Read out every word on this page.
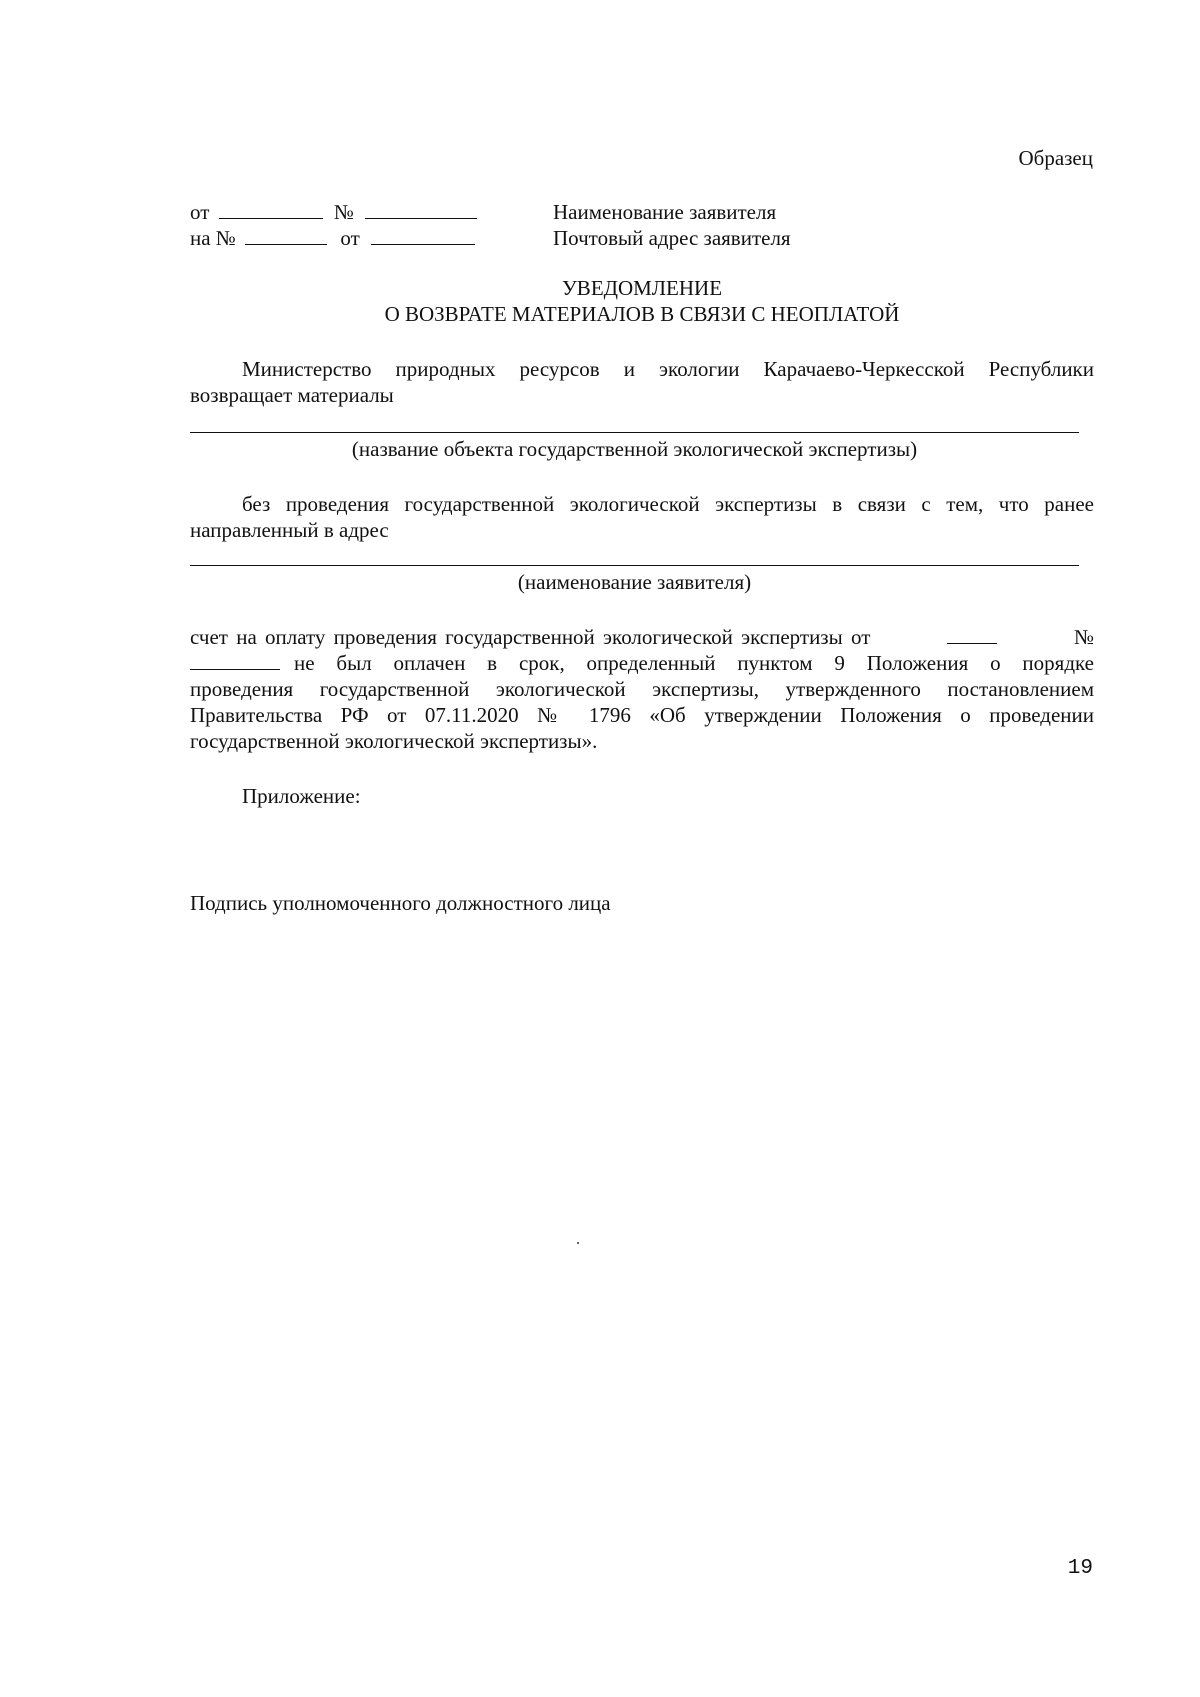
Образец
от	№
на №	от
Наименование заявителя
Почтовый адрес заявителя
УВЕДОМЛЕНИЕ
О ВОЗВРАТЕ МАТЕРИАЛОВ В СВЯЗИ С НЕОПЛАТОЙ
Министерство природных ресурсов и экологии Карачаево-Черкесской Республики
возвращает материалы
(название объекта государственной экологической экспертизы)
без проведения государственной экологической экспертизы в связи с тем, что ранее
направленный в адрес
(наименование заявителя)
счет на оплату проведения государственной экологической экспертизы от	№
не был оплачен в срок, определенный пунктом 9 Положения о порядке
проведения государственной экологической экспертизы, утвержденного постановлением
Правительства РФ от 07.11.2020 № 1796 «Об утверждении Положения о проведении
государственной экологической экспертизы».
Приложение:
Подпись уполномоченного должностного лица
19
